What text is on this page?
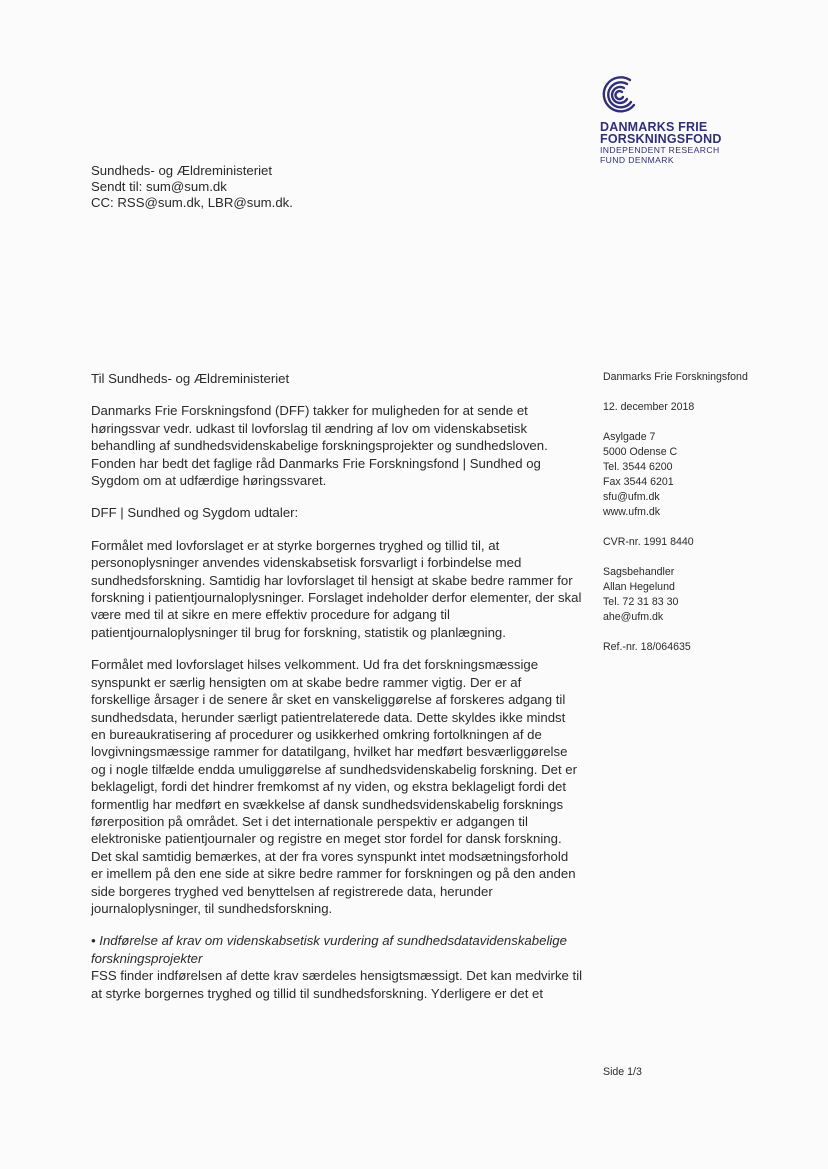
DANMARKS FRIE
FORSKNINGSFOND
INDEPENDENT RESEARCH
FUND DENMARK
Sundheds- og Ældreministeriet
Sendt til: sum@sum.dk
CC: RSS@sum.dk, LBR@sum.dk.

Til Sundheds- og Ældreministeriet

Danmarks Frie Forskningsfond (DFF) takker for muligheden for at sende et høringssvar vedr. udkast til lovforslag til ændring af lov om videnskabsetisk behandling af sundhedsvidenskabelige forskningsprojekter og sundhedsloven. Fonden har bedt det faglige råd Danmarks Frie Forskningsfond | Sundhed og Sygdom om at udfærdige høringssvaret.

DFF | Sundhed og Sygdom udtaler:

Formålet med lovforslaget er at styrke borgernes tryghed og tillid til, at personoplysninger anvendes videnskabsetisk forsvarligt i forbindelse med sundhedsforskning. Samtidig har lovforslaget til hensigt at skabe bedre rammer for forskning i patientjournaloplysninger. Forslaget indeholder derfor elementer, der skal være med til at sikre en mere effektiv procedure for adgang til patientjournaloplysninger til brug for forskning, statistik og planlægning.

Formålet med lovforslaget hilses velkomment. Ud fra det forskningsmæssige synspunkt er særlig hensigten om at skabe bedre rammer vigtig. Der er af forskellige årsager i de senere år sket en vanskeliggørelse af forskeres adgang til sundhedsdata, herunder særligt patientrelaterede data. Dette skyldes ikke mindst en bureaukratisering af procedurer og usikkerhed omkring fortolkningen af de lovgivningsmæssige rammer for datatilgang, hvilket har medført besværliggørelse og i nogle tilfælde endda umuliggørelse af sundhedsvidenskabelig forskning. Det er beklageligt, fordi det hindrer fremkomst af ny viden, og ekstra beklageligt fordi det formentlig har medført en svækkelse af dansk sundhedsvidenskabelig forsknings førerposition på området. Set i det internationale perspektiv er adgangen til elektroniske patientjournaler og registre en meget stor fordel for dansk forskning. Det skal samtidig bemærkes, at der fra vores synspunkt intet modsætningsforhold er imellem på den ene side at sikre bedre rammer for forskningen og på den anden side borgeres tryghed ved benyttelsen af registrerede data, herunder journaloplysninger, til sundhedsforskning.

• Indførelse af krav om videnskabsetisk vurdering af sundhedsdatavidenskabelige forskningsprojekter

FSS finder indførelsen af dette krav særdeles hensigtsmæssigt. Det kan medvirke til at styrke borgernes tryghed og tillid til sundhedsforskning. Yderligere er det et

Danmarks Frie Forskningsfond
12. december 2018
Asylgade 7
5000 Odense C
Tel. 3544 6200
Fax 3544 6201
sfu@ufm.dk
www.ufm.dk
CVR-nr. 1991 8440
Sagsbehandler
Allan Hegelund
Tel. 72 31 83 30
ahe@ufm.dk
Ref.-nr. 18/064635
Side 1/3
